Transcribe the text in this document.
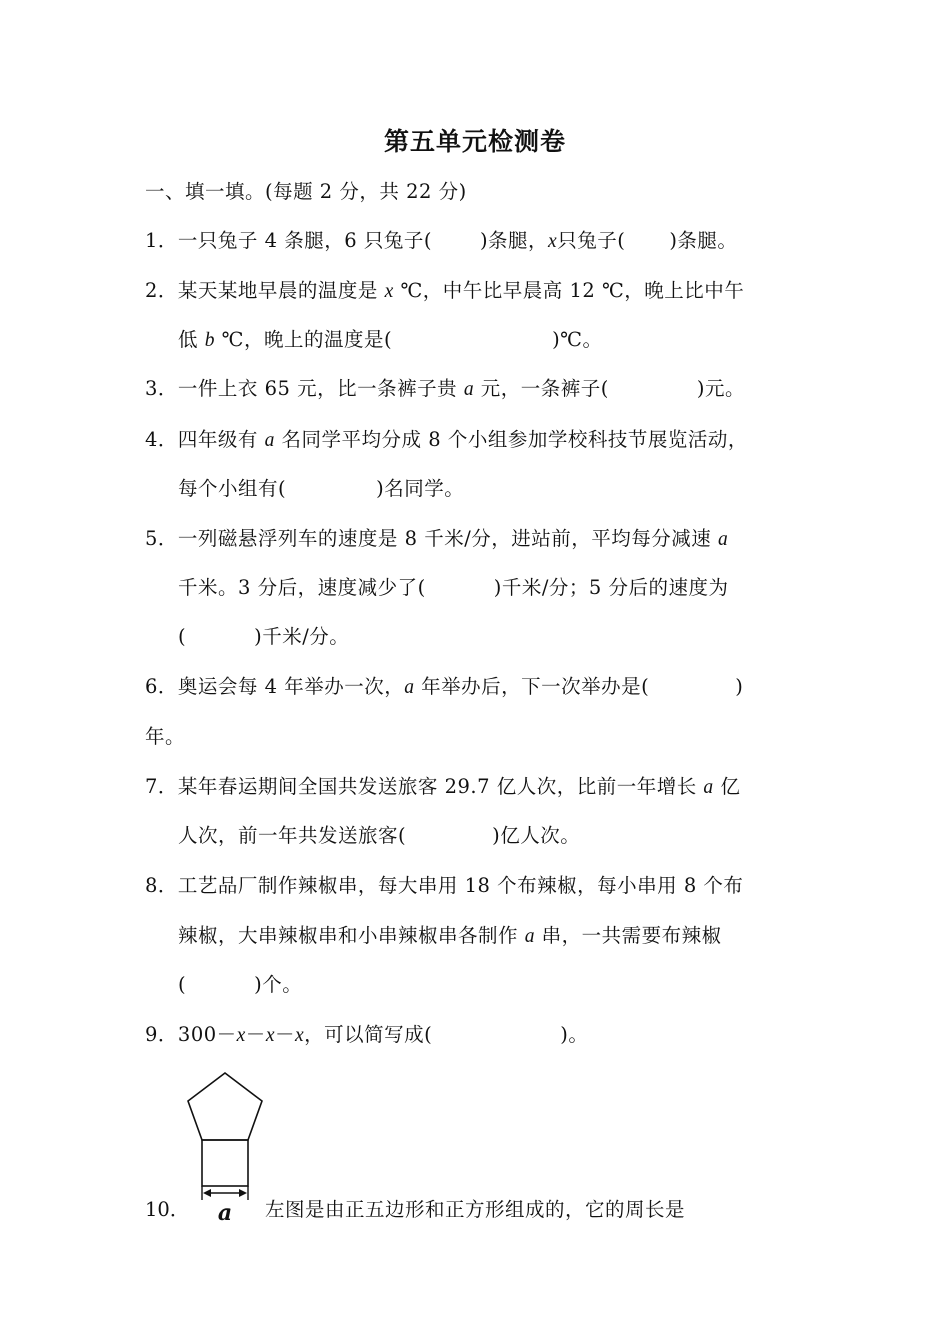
第五单元检测卷
一、填一填。(每题 2 分，共 22 分)
1．一只兔子 4 条腿，6 只兔子( )条腿，x只兔子( )条腿。
2．某天某地早晨的温度是 x ℃，中午比早晨高 12 ℃，晚上比中午
低 b ℃，晚上的温度是(	)℃。
3．一件上衣 65 元，比一条裤子贵 a 元，一条裤子(	)元。
4．四年级有 a 名同学平均分成 8 个小组参加学校科技节展览活动，
每个小组有(	)名同学。
5．一列磁悬浮列车的速度是 8 千米/分，进站前，平均每分减速 a
千米。3 分后，速度减少了(	)千米/分；5 分后的速度为
(	)千米/分。
6．奥运会每 4 年举办一次，a 年举办后，下一次举办是(	)
年。
7．某年春运期间全国共发送旅客 29.7 亿人次，比前一年增长 a 亿
人次，前一年共发送旅客(	)亿人次。
8．工艺品厂制作辣椒串，每大串用 18 个布辣椒，每小串用 8 个布
辣椒，大串辣椒串和小串辣椒串各制作 a 串，一共需要布辣椒
(	)个。
9．300－x－x－x，可以简写成(	)。
a
10．	左图是由正五边形和正方形组成的，它的周长是
